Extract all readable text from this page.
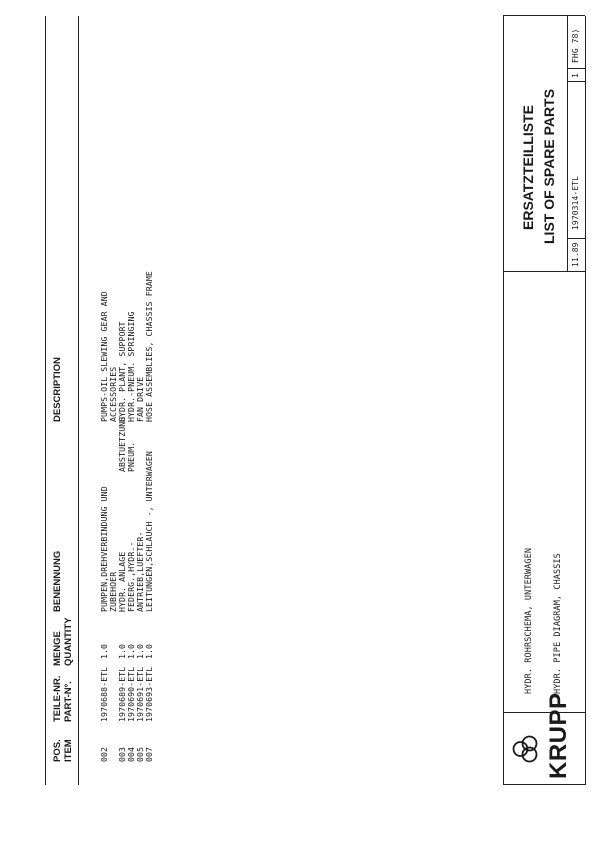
POS. ITEM
TEILE-NR. PART-Nº.
MENGE QUANTITY
BENENNUNG
DESCRIPTION
002
1970688-ETL
1.0
PUMPEN,DREHVERBINDUNG UND
PUMPS-OIL SLEWING GEAR AND
ZUBEHOER
ACCESSORIES
003
1970689-ETL
1.0
HYDR. ANLAGE
ABSTUETZUNG
HYDR. PLANT, SUPPORT
004
1970690-ETL
1.0
FEDERG.,HYDR.-
PNEUM.
HYDR.-PNEUM. SPRINGING
005
1970691-ETL
1.0
ANTRIEB,LUEFTER-
FAN DRIVE
007
1970693-ETL
1.0
LEITUNGEN,SCHLAUCH -, UNTERWAGEN
HOSE ASSEMBLIES, CHASSIS FRAME
KRUPP
HYDR. ROHRSCHEMA, UNTERWAGEN HYDR. PIPE DIAGRAM, CHASSIS
ERSATZTEILLISTE LIST OF SPARE PARTS
11.89
1970314-ETL
1
FHG 78)
